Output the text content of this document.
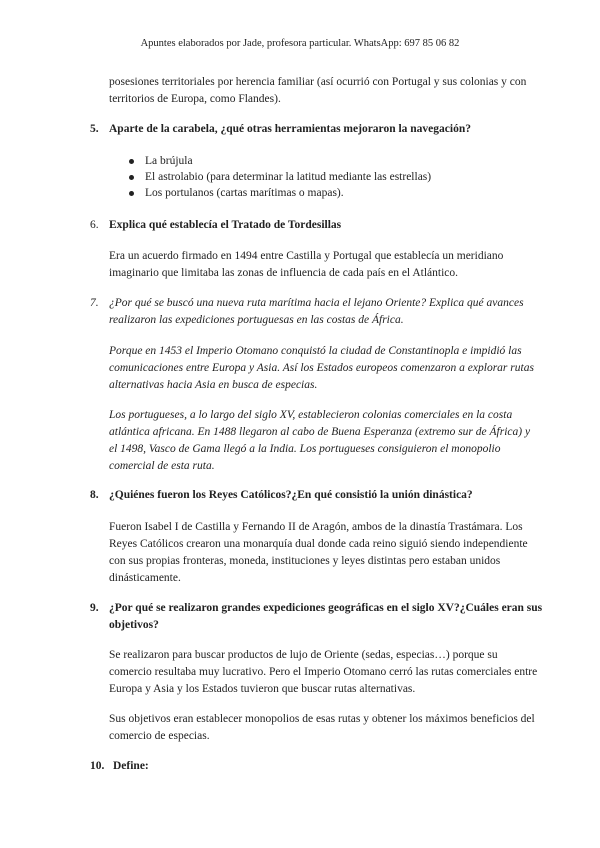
Apuntes elaborados por Jade, profesora particular. WhatsApp: 697 85 06 82
posesiones territoriales por herencia familiar (así ocurrió con Portugal y sus colonias y con territorios de Europa, como Flandes).
5. Aparte de la carabela, ¿qué otras herramientas mejoraron la navegación?
La brújula
El astrolabio (para determinar la latitud mediante las estrellas)
Los portulanos (cartas marítimas o mapas).
6. Explica qué establecía el Tratado de Tordesillas
Era un acuerdo firmado en 1494 entre Castilla y Portugal que establecía un meridiano imaginario que limitaba las zonas de influencia de cada país en el Atlántico.
7. ¿Por qué se buscó una nueva ruta marítima hacia el lejano Oriente? Explica qué avances realizaron las expediciones portuguesas en las costas de África.
Porque en 1453 el Imperio Otomano conquistó la ciudad de Constantinopla e impidió las comunicaciones entre Europa y Asia. Así los Estados europeos comenzaron a explorar rutas alternativas hacia Asia en busca de especias.
Los portugueses, a lo largo del siglo XV, establecieron colonias comerciales en la costa atlántica africana. En 1488 llegaron al cabo de Buena Esperanza (extremo sur de África) y el 1498, Vasco de Gama llegó a la India. Los portugueses consiguieron el monopolio comercial de esta ruta.
8. ¿Quiénes fueron los Reyes Católicos?¿En qué consistió la unión dinástica?
Fueron Isabel I de Castilla y Fernando II de Aragón, ambos de la dinastía Trastámara. Los Reyes Católicos crearon una monarquía dual donde cada reino siguió siendo independiente con sus propias fronteras, moneda, instituciones y leyes distintas pero estaban unidos dinásticamente.
9. ¿Por qué se realizaron grandes expediciones geográficas en el siglo XV?¿Cuáles eran sus objetivos?
Se realizaron para buscar productos de lujo de Oriente (sedas, especias…) porque su comercio resultaba muy lucrativo. Pero el Imperio Otomano cerró las rutas comerciales entre Europa y Asia y los Estados tuvieron que buscar rutas alternativas.
Sus objetivos eran establecer monopolios de esas rutas y obtener los máximos beneficios del comercio de especias.
10. Define:
